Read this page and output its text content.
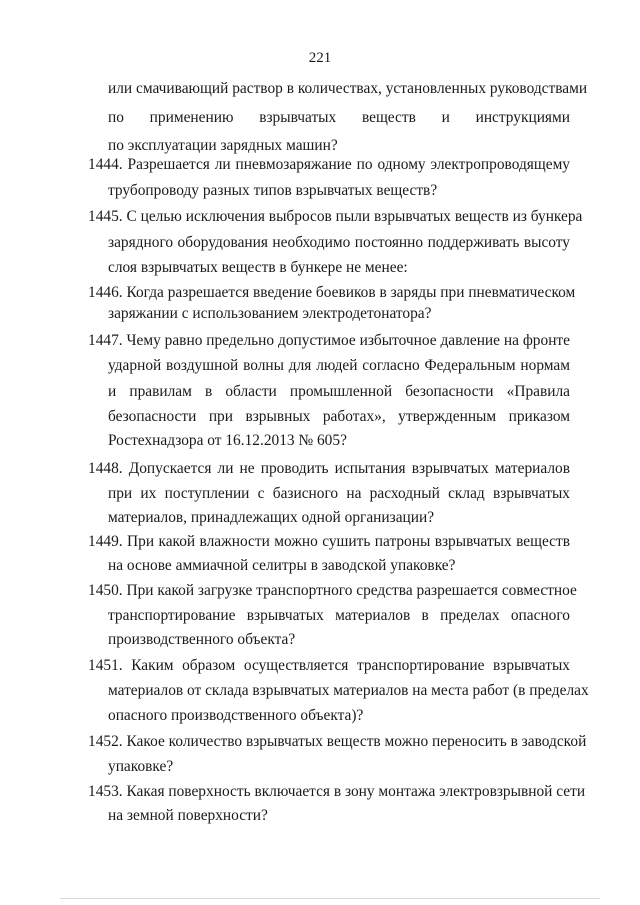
221
или смачивающий раствор в количествах, установленных руководствами
по применению взрывчатых веществ и инструкциями
по эксплуатации зарядных машин?
1444. Разрешается ли пневмозаряжание по одному электропроводящему
трубопроводу разных типов взрывчатых веществ?
1445. С целью исключения выбросов пыли взрывчатых веществ из бункера
зарядного оборудования необходимо постоянно поддерживать высоту
слоя взрывчатых веществ в бункере не менее:
1446. Когда разрешается введение боевиков в заряды при пневматическом
заряжании с использованием электродетонатора?
1447. Чему равно предельно допустимое избыточное давление на фронте
ударной воздушной волны для людей согласно Федеральным нормам
и правилам в области промышленной безопасности «Правила
безопасности при взрывных работах», утвержденным приказом
Ростехнадзора от 16.12.2013 № 605?
1448. Допускается ли не проводить испытания взрывчатых материалов
при их поступлении с базисного на расходный склад взрывчатых
материалов, принадлежащих одной организации?
1449. При какой влажности можно сушить патроны взрывчатых веществ
на основе аммиачной селитры в заводской упаковке?
1450. При какой загрузке транспортного средства разрешается совместное
транспортирование взрывчатых материалов в пределах опасного
производственного объекта?
1451. Каким образом осуществляется транспортирование взрывчатых
материалов от склада взрывчатых материалов на места работ (в пределах
опасного производственного объекта)?
1452. Какое количество взрывчатых веществ можно переносить в заводской
упаковке?
1453. Какая поверхность включается в зону монтажа электровзрывной сети
на земной поверхности?
